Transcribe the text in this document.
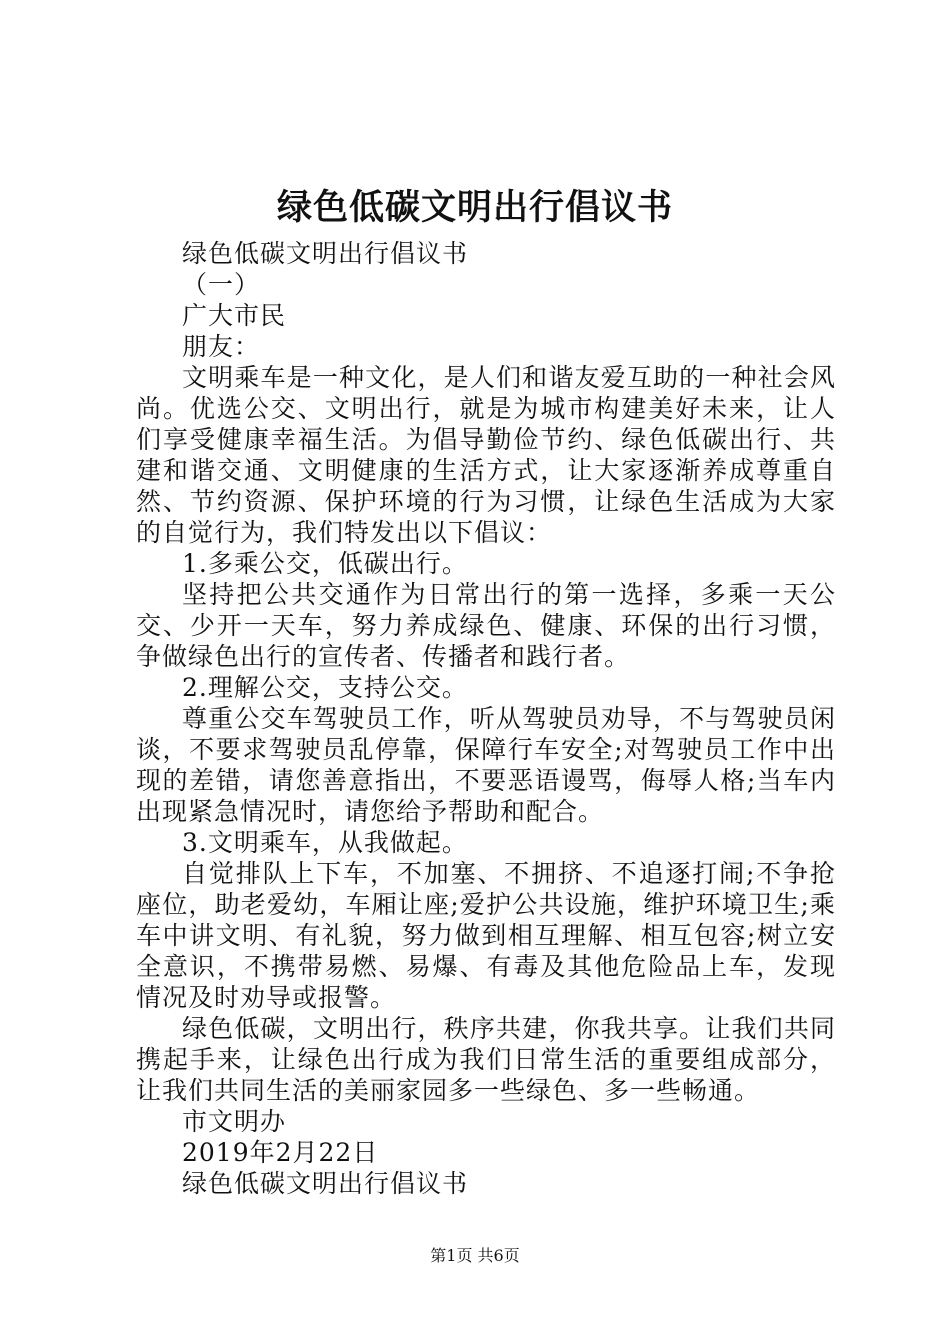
绿色低碳文明出行倡议书

绿色低碳文明出行倡议书

（一）

广大市民

朋友：

文明乘车是一种文化，是人们和谐友爱互助的一种社会风尚。优选公交、文明出行，就是为城市构建美好未来，让人们享受健康幸福生活。为倡导勤俭节约、绿色低碳出行、共建和谐交通、文明健康的生活方式，让大家逐渐养成尊重自然、节约资源、保护环境的行为习惯，让绿色生活成为大家的自觉行为，我们特发出以下倡议：

1.多乘公交，低碳出行。

坚持把公共交通作为日常出行的第一选择，多乘一天公交、少开一天车，努力养成绿色、健康、环保的出行习惯，争做绿色出行的宣传者、传播者和践行者。

2.理解公交，支持公交。

尊重公交车驾驶员工作，听从驾驶员劝导，不与驾驶员闲谈，不要求驾驶员乱停靠，保障行车安全;对驾驶员工作中出现的差错，请您善意指出，不要恶语谩骂，侮辱人格;当车内出现紧急情况时，请您给予帮助和配合。

3.文明乘车，从我做起。

自觉排队上下车，不加塞、不拥挤、不追逐打闹;不争抢座位，助老爱幼，车厢让座;爱护公共设施，维护环境卫生;乘车中讲文明、有礼貌，努力做到相互理解、相互包容;树立安全意识，不携带易燃、易爆、有毒及其他危险品上车，发现情况及时劝导或报警。

绿色低碳，文明出行，秩序共建，你我共享。让我们共同携起手来，让绿色出行成为我们日常生活的重要组成部分，让我们共同生活的美丽家园多一些绿色、多一些畅通。

市文明办

2019年2月22日

绿色低碳文明出行倡议书

第1页 共6页
